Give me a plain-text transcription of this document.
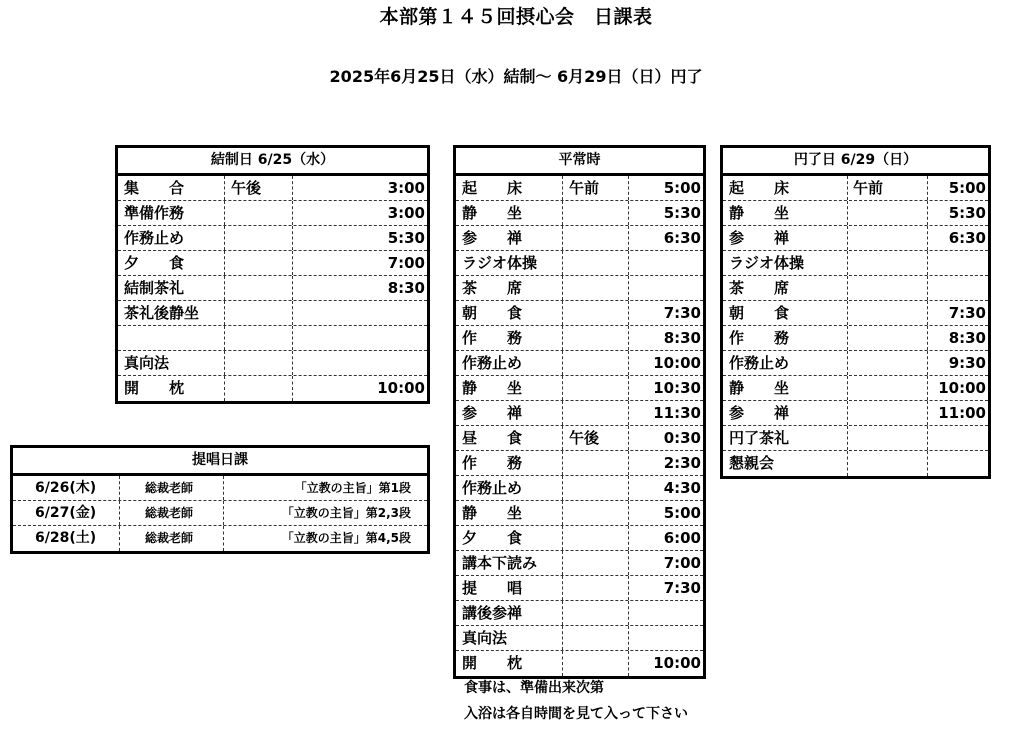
本部第１４５回摂心会　日課表
2025年6月25日（水）結制～ 6月29日（日）円了
結制日 6/25（水）
集　　合	午後	3:00
準備作務	3:00
作務止め	5:30
夕　　食	7:00
結制茶礼	8:30
茶礼後静坐
真向法
開　　枕	10:00
平常時
起　　床	午前	5:00
静　　坐	5:30
参　　禅	6:30
ラジオ体操
茶　　席
朝　　食	7:30
作　　務	8:30
作務止め	10:00
静　　坐	10:30
参　　禅	11:30
昼　　食	午後	0:30
作　　務	2:30
作務止め	4:30
静　　坐	5:00
夕　　食	6:00
講本下読み	7:00
提　　唱	7:30
講後参禅
真向法
開　　枕	10:00
円了日 6/29（日）
起　　床	午前	5:00
静　　坐	5:30
参　　禅	6:30
ラジオ体操
茶　　席
朝　　食	7:30
作　　務	8:30
作務止め	9:30
静　　坐	10:00
参　　禅	11:00
円了茶礼
懇親会
提唱日課
6/26(木)	総裁老師	「立教の主旨」第1段
6/27(金)	総裁老師	「立教の主旨」第2,3段
6/28(土)	総裁老師	「立教の主旨」第4,5段
食事は、準備出来次第
入浴は各自時間を見て入って下さい
